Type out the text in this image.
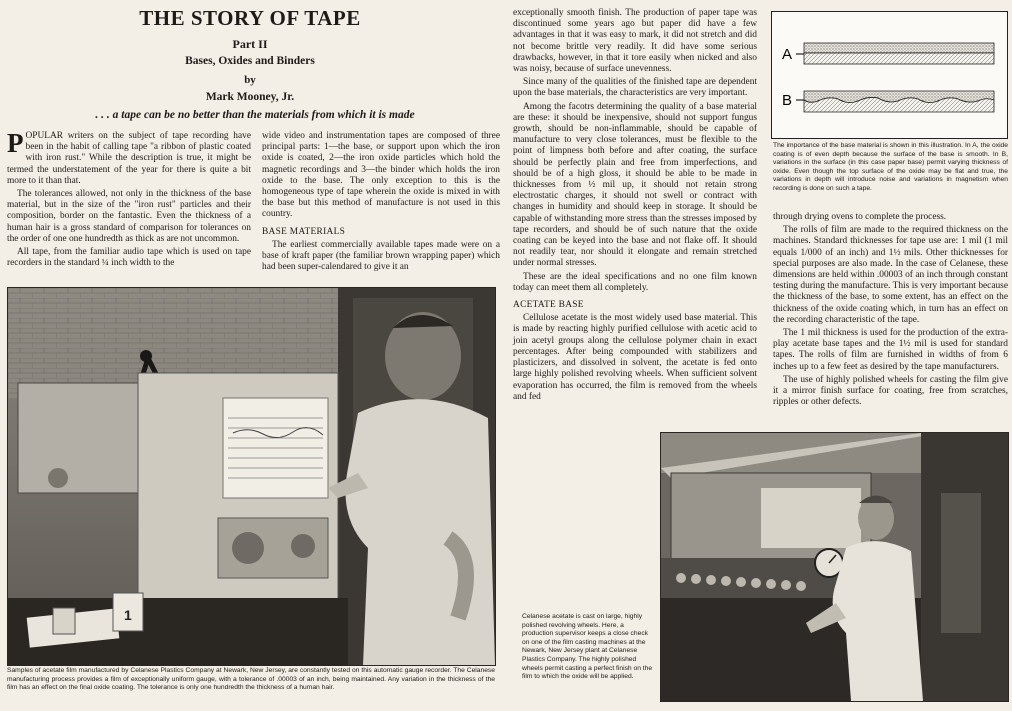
THE STORY OF TAPE
Part II
Bases, Oxides and Binders
by
Mark Mooney, Jr.
. . . a tape can be no better than the materials from which it is made

POPULAR writers on the subject of tape recording have been in the habit of calling tape "a ribbon of plastic coated with iron rust." While the description is true, it might be termed the understatement of the year for there is quite a bit more to it than that.

The tolerances allowed, not only in the thickness of the base material, but in the size of the "iron rust" particles and their composition, border on the fantastic. Even the thickness of a human hair is a gross standard of comparison for tolerances on the order of one one hundredth as thick as are not uncommon.

All tape, from the familiar audio tape which is used on tape recorders in the standard ¼ inch width to the

wide video and instrumentation tapes are composed of three principal parts: 1—the base, or support upon which the iron oxide is coated, 2—the iron oxide particles which hold the magnetic recordings and 3—the binder which holds the iron oxide to the base. The only exception to this is the homogeneous type of tape wherein the oxide is mixed in with the base but this method of manufacture is not used in this country.

BASE MATERIALS

The earliest commercially available tapes made were on a base of kraft paper (the familiar brown wrapping paper) which had been super-calendared to give it an

exceptionally smooth finish. The production of paper tape was discontinued some years ago but paper did have a few advantages in that it was easy to mark, it did not stretch and did not become brittle very readily. It did have some serious drawbacks, however, in that it tore easily when nicked and also was noisy, because of surface unevenness.

Since many of the qualities of the finished tape are dependent upon the base materials, the characteristics are very important.

Among the facotrs determining the quality of a base material are these: it should be inexpensive, should not support fungus growth, should be non-inflammable, should be capable of manufacture to very close tolerances, must be flexible to the point of limpness both before and after coating, the surface should be perfectly plain and free from imperfections, and should be of a high gloss, it should be able to be made in thicknesses from ½ mil up, it should not retain strong electrostatic charges, it should not swell or contract with changes in humidity and should keep in storage. It should be capable of withstanding more stress than the stresses imposed by tape recorders, and should be of such nature that the oxide coating can be keyed into the base and not flake off. It should not readily tear, nor should it elongate and remain stretched under normal stresses.

These are the ideal specifications and no one film known today can meet them all completely.

ACETATE BASE

Cellulose acetate is the most widely used base material. This is made by reacting highly purified cellulose with acetic acid to join acetyl groups along the cellulose polymer chain in exact percentages. After being compounded with stabilizers and plasticizers, and dissolved in solvent, the acetate is fed onto large highly polished revolving wheels. When sufficient solvent evaporation has occurred, the film is removed from the wheels and fed

through drying ovens to complete the process.

The rolls of film are made to the required thickness on the machines. Standard thicknesses for tape use are: 1 mil (1 mil equals 1/000 of an inch) and 1½ mils. Other thicknesses for special purposes are also made. In the case of Celanese, these dimensions are held within .00003 of an inch through constant testing during the manufacture. This is very important because the thickness of the base, to some extent, has an effect on the thickness of the oxide coating which, in turn has an effect on the recording characteristic of the tape.

The 1 mil thickness is used for the production of the extra-play acetate base tapes and the 1½ mil is used for standard tapes. The rolls of film are furnished in widths of from 6 inches up to a few feet as desired by the tape manufacturers.

The use of highly polished wheels for casting the film give it a mirror finish surface for coating, free from scratches, ripples or other defects.

A
B
The importance of the base material is shown in this illustration. In A, the oxide coating is of even depth because the surface of the base is smooth. In B, variations in the surface (in this case paper base) permit varying thickness of oxide. Even though the top surface of the oxide may be flat and true, the variations in depth will introduce noise and variations in magnetism when recording is done on such a tape.
1
Samples of acetate film manufactured by Celanese Plastics Company at Newark, New Jersey, are constantly tested on this automatic gauge recorder. The Celanese manufacturing process provides a film of exceptionally uniform gauge, with a tolerance of .00003 of an inch, being maintained. Any variation in the thickness of the film has an effect on the final oxide coating. The tolerance is only one hundredth the thickness of a human hair.
Celanese acetate is cast on large, highly polished revolving wheels. Here, a production supervisor keeps a close check on one of the film casting machines at the Newark, New Jersey plant at Celanese Plastics Company. The highly polished wheels permit casting a perfect finish on the film to which the oxide will be applied.
